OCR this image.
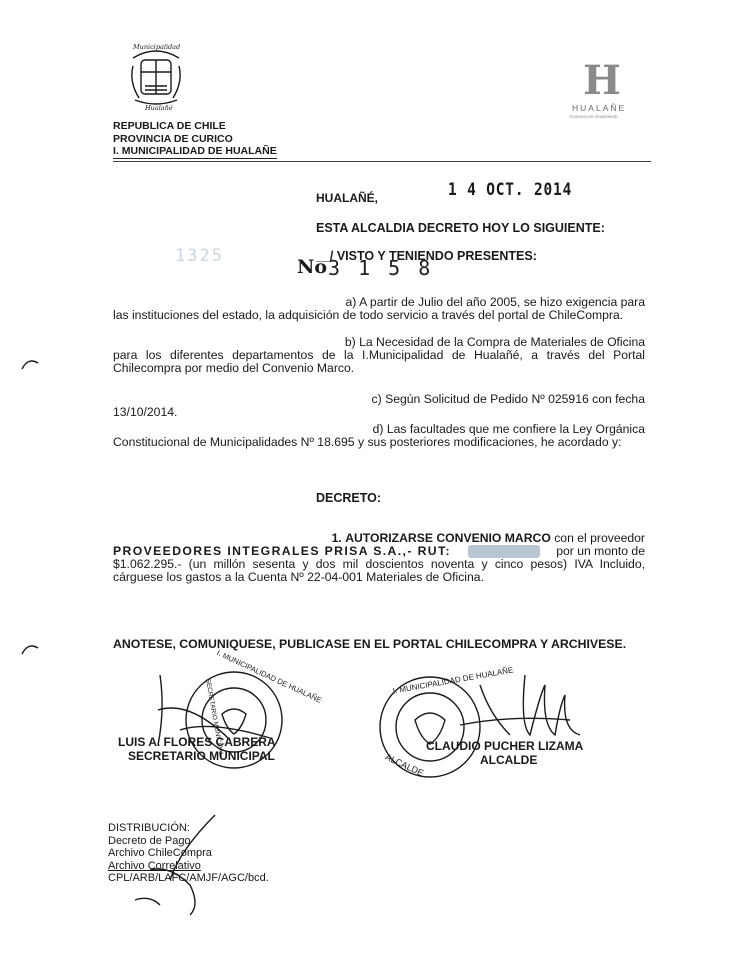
Municipalidad
Hualañé
H
HUALAÑE
Comuna en movimiento
REPUBLICA DE CHILE
PROVINCIA DE CURICO
I. MUNICIPALIDAD DE HUALAÑE
HUALAÑÉ,	1 4 OCT. 2014
ESTA ALCALDIA DECRETO HOY LO SIGUIENTE:
1325	__/ VISTO Y TENIENDO PRESENTES:
No 3 1 5 8
a) A partir de Julio del año 2005, se hizo exigencia para
las instituciones del estado, la adquisición de todo servicio a través del portal de ChileCompra.
b) La Necesidad de la Compra de Materiales de Oficina
para los diferentes departamentos de la I.Municipalidad de Hualañé, a través del Portal Chilecompra por medio del Convenio Marco.
c) Según Solicitud de Pedido Nº 025916 con fecha
13/10/2014.
d) Las facultades que me confiere la Ley Orgánica
Constitucional de Municipalidades Nº 18.695 y sus posteriores modificaciones, he acordado y:
DECRETO:
1. AUTORIZARSE CONVENIO MARCO con el proveedor
PROVEEDORES INTEGRALES PRISA S.A.,- RUT:	por un monto de
$1.062.295.- (un millón sesenta y dos mil doscientos noventa y cinco pesos) IVA Incluido, cárguese los gastos a la Cuenta Nº 22-04-001 Materiales de Oficina.
ANOTESE, COMUNIQUESE, PUBLICASE EN EL PORTAL CHILECOMPRA Y ARCHIVESE.
I. MUNICIPALIDAD DE HUALAÑE	I. MUNICIPALIDAD DE HUALAÑE
SECRETARIO MUNICIPAL
ALCALDE
LUIS A. FLORES CABRERA
SECRETARIO MUNICIPAL
CLAUDIO PUCHER LIZAMA
ALCALDE
DISTRIBUCIÓN:
Decreto de Pago
Archivo ChileCompra
Archivo Correlativo
CPL/ARB/LAFC/AMJF/AGC/bcd.
